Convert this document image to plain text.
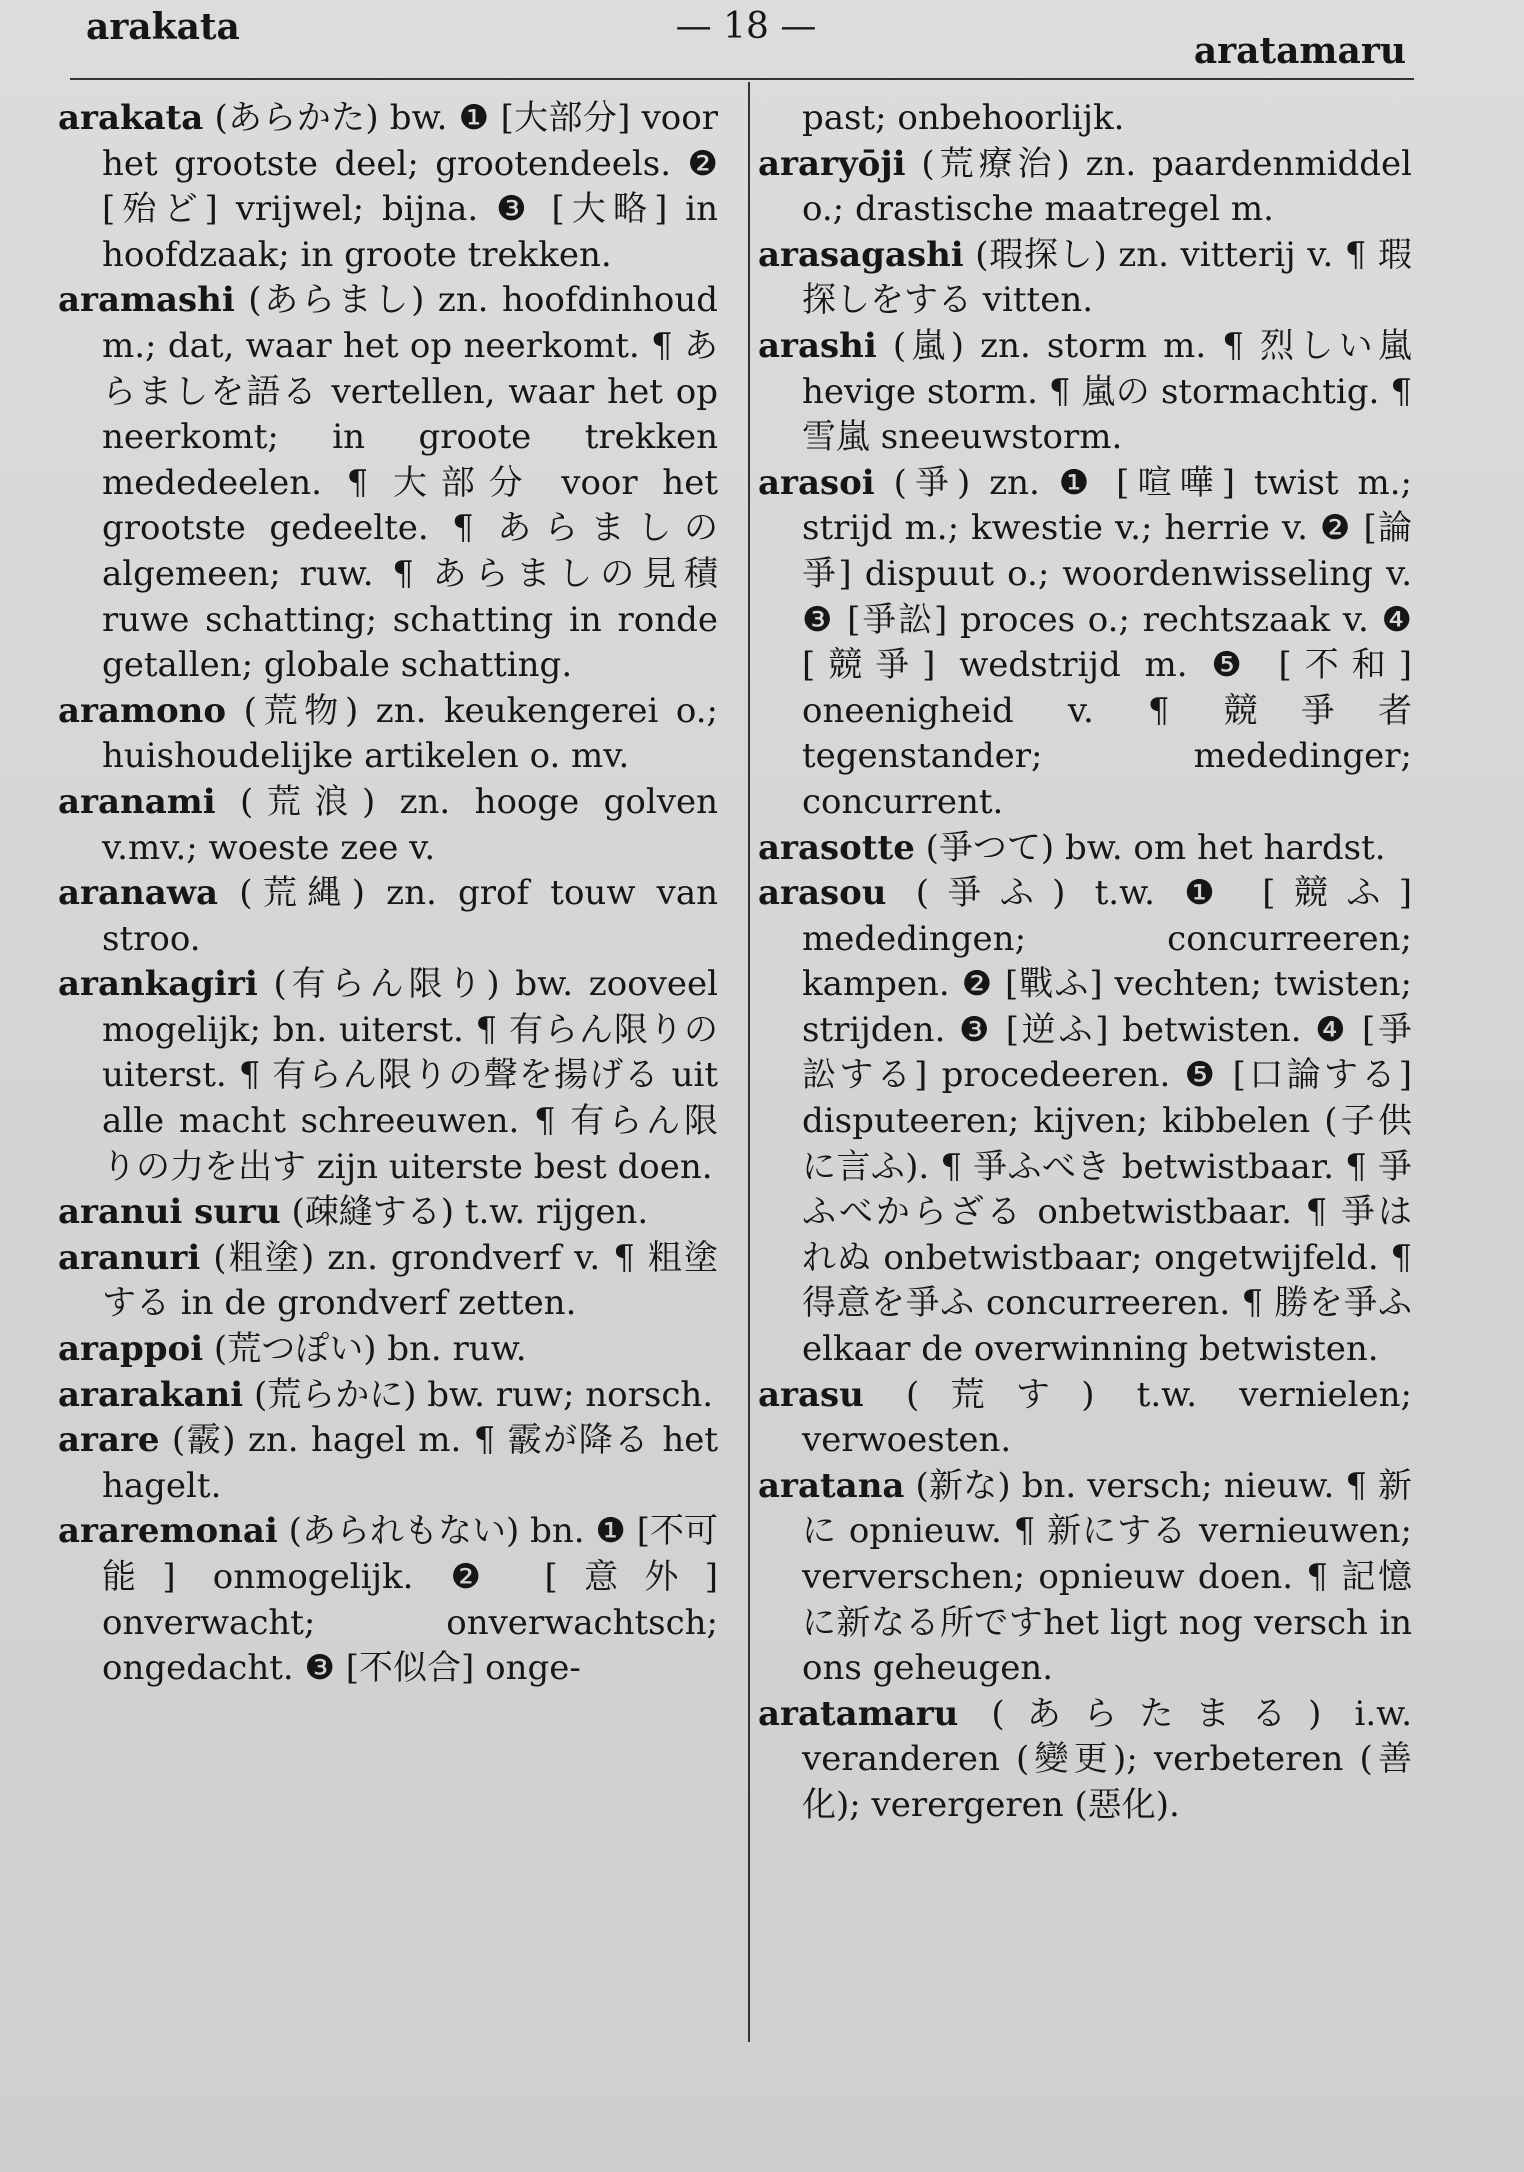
arakata	— 18 —
aratamaru

arakata (あらかた) bw. ❶ [大部分] voor het grootste deel; grootendeels. ❷ [殆ど] vrijwel; bijna. ❸ [大略] in hoofdzaak; in groote trekken.

aramashi (あらまし) zn. hoofdinhoud m.; dat, waar het op neerkomt. ¶ あらましを語る vertellen, waar het op neerkomt; in groote trekken mededeelen. ¶ 大部分 voor het grootste gedeelte. ¶ あらましの algemeen; ruw. ¶ あらましの見積 ruwe schatting; schatting in ronde getallen; globale schatting.

aramono (荒物) zn. keukengerei o.; huishoudelijke artikelen o. mv.

aranami (荒浪) zn. hooge golven v.mv.; woeste zee v.

aranawa (荒縄) zn. grof touw van stroo.

arankagiri (有らん限り) bw. zooveel mogelijk; bn. uiterst. ¶ 有らん限りの uiterst. ¶ 有らん限りの聲を揚げる uit alle macht schreeuwen. ¶ 有らん限りの力を出す zijn uiterste best doen.

aranui suru (疎縫する) t.w. rijgen.

aranuri (粗塗) zn. grondverf v. ¶ 粗塗する in de grondverf zetten.

arappoi (荒つぽい) bn. ruw.

ararakani (荒らかに) bw. ruw; norsch.

arare (霰) zn. hagel m. ¶ 霰が降る het hagelt.

araremonai (あられもない) bn. ❶ [不可能] onmogelijk. ❷ [意外] onverwacht; onverwachtsch; ongedacht. ❸ [不似合] onge-

past; onbehoorlijk.

araryōji (荒療治) zn. paardenmiddel o.; drastische maatregel m.

arasagashi (瑕探し) zn. vitterij v. ¶ 瑕探しをする vitten.

arashi (嵐) zn. storm m. ¶ 烈しい嵐 hevige storm. ¶ 嵐の stormachtig. ¶ 雪嵐 sneeuwstorm.

arasoi (爭) zn. ❶ [喧嘩] twist m.; strijd m.; kwestie v.; herrie v. ❷ [論爭] dispuut o.; woordenwisseling v. ❸ [爭訟] proces o.; rechtszaak v. ❹ [競爭] wedstrijd m. ❺ [不和] oneenigheid v. ¶ 競爭者 tegenstander; mededinger; concurrent.

arasotte (爭つて) bw. om het hardst.

arasou (爭ふ) t.w. ❶ [競ふ] mededingen; concurreeren; kampen. ❷ [戰ふ] vechten; twisten; strijden. ❸ [逆ふ] betwisten. ❹ [爭訟する] procedeeren. ❺ [口論する] disputeeren; kijven; kibbelen (子供に言ふ). ¶ 爭ふべき betwistbaar. ¶ 爭ふべからざる onbetwistbaar. ¶ 爭はれぬ onbetwistbaar; ongetwijfeld. ¶ 得意を爭ふ concurreeren. ¶ 勝を爭ふ elkaar de overwinning betwisten.

arasu (荒す) t.w. vernielen; verwoesten.

aratana (新な) bn. versch; nieuw. ¶ 新に opnieuw. ¶ 新にする vernieuwen; ververschen; opnieuw doen. ¶ 記憶に新なる所ですhet ligt nog versch in ons geheugen.

aratamaru (あらたまる) i.w. veranderen (變更); verbeteren (善化); verergeren (惡化).
